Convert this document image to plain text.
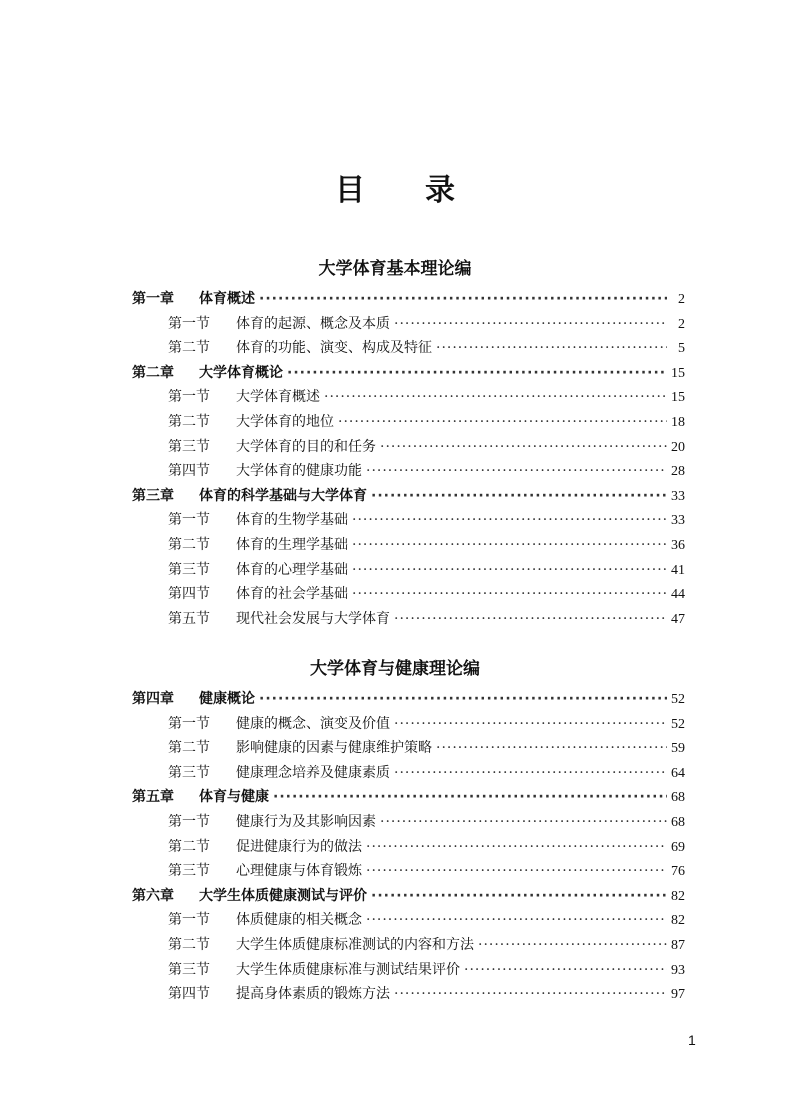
目录
大学体育基本理论编
第一章	体育概述 ·····	2
第一节	体育的起源、概念及本质 ·····	2
第二节	体育的功能、演变、构成及特征 ·····	5
第二章	大学体育概论 ·····	15
第一节	大学体育概述 ·····	15
第二节	大学体育的地位 ·····	18
第三节	大学体育的目的和任务 ·····	20
第四节	大学体育的健康功能 ·····	28
第三章	体育的科学基础与大学体育 ·····	33
第一节	体育的生物学基础 ·····	33
第二节	体育的生理学基础 ·····	36
第三节	体育的心理学基础 ·····	41
第四节	体育的社会学基础 ·····	44
第五节	现代社会发展与大学体育 ·····	47
大学体育与健康理论编
第四章	健康概论 ·····	52
第一节	健康的概念、演变及价值 ·····	52
第二节	影响健康的因素与健康维护策略 ·····	59
第三节	健康理念培养及健康素质 ·····	64
第五章	体育与健康 ·····	68
第一节	健康行为及其影响因素 ·····	68
第二节	促进健康行为的做法 ·····	69
第三节	心理健康与体育锻炼 ·····	76
第六章	大学生体质健康测试与评价 ·····	82
第一节	体质健康的相关概念 ·····	82
第二节	大学生体质健康标准测试的内容和方法 ·····	87
第三节	大学生体质健康标准与测试结果评价 ·····	93
第四节	提高身体素质的锻炼方法 ·····	97
1
